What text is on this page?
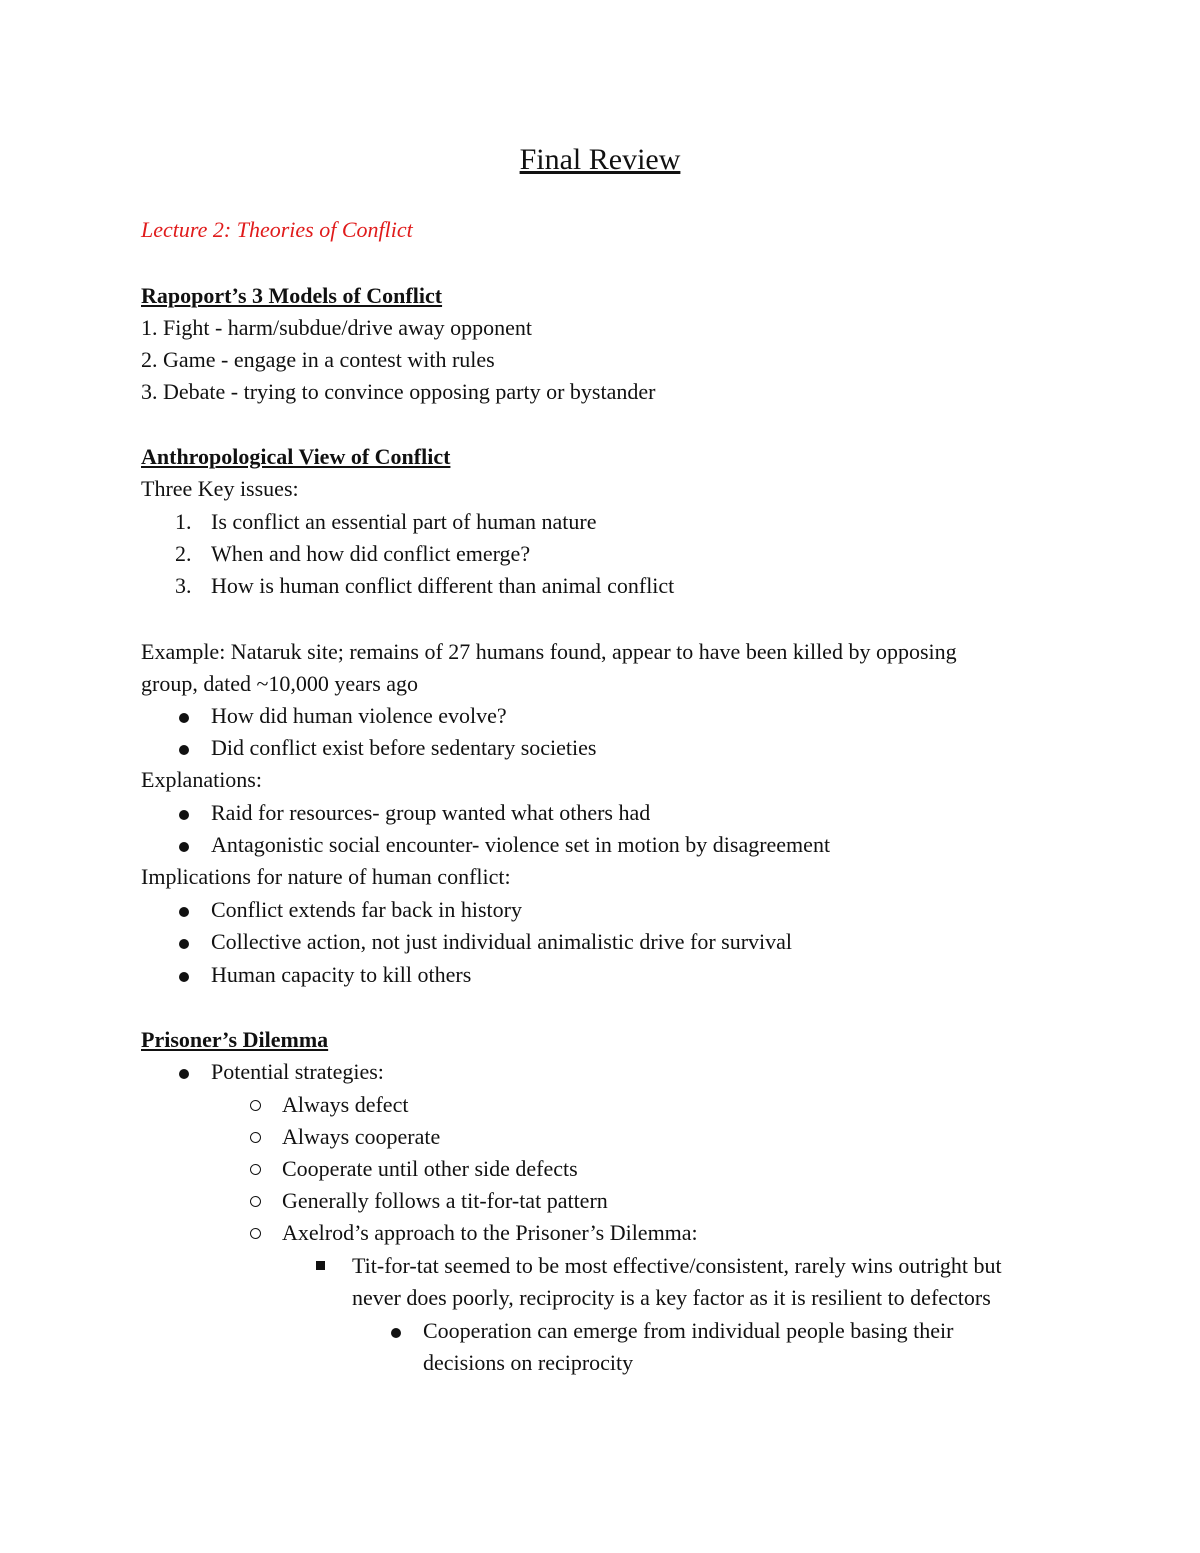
Final Review
Lecture 2: Theories of Conflict
Rapoport’s 3 Models of Conflict
1. Fight - harm/subdue/drive away opponent
2. Game - engage in a contest with rules
3. Debate - trying to convince opposing party or bystander
Anthropological View of Conflict
Three Key issues:
1. Is conflict an essential part of human nature
2. When and how did conflict emerge?
3. How is human conflict different than animal conflict
Example: Nataruk site; remains of 27 humans found, appear to have been killed by opposing
group, dated ~10,000 years ago
How did human violence evolve?
Did conflict exist before sedentary societies
Explanations:
Raid for resources- group wanted what others had
Antagonistic social encounter- violence set in motion by disagreement
Implications for nature of human conflict:
Conflict extends far back in history
Collective action, not just individual animalistic drive for survival
Human capacity to kill others
Prisoner’s Dilemma
Potential strategies:
Always defect
Always cooperate
Cooperate until other side defects
Generally follows a tit-for-tat pattern
Axelrod’s approach to the Prisoner’s Dilemma:
Tit-for-tat seemed to be most effective/consistent, rarely wins outright but
never does poorly, reciprocity is a key factor as it is resilient to defectors
Cooperation can emerge from individual people basing their
decisions on reciprocity
